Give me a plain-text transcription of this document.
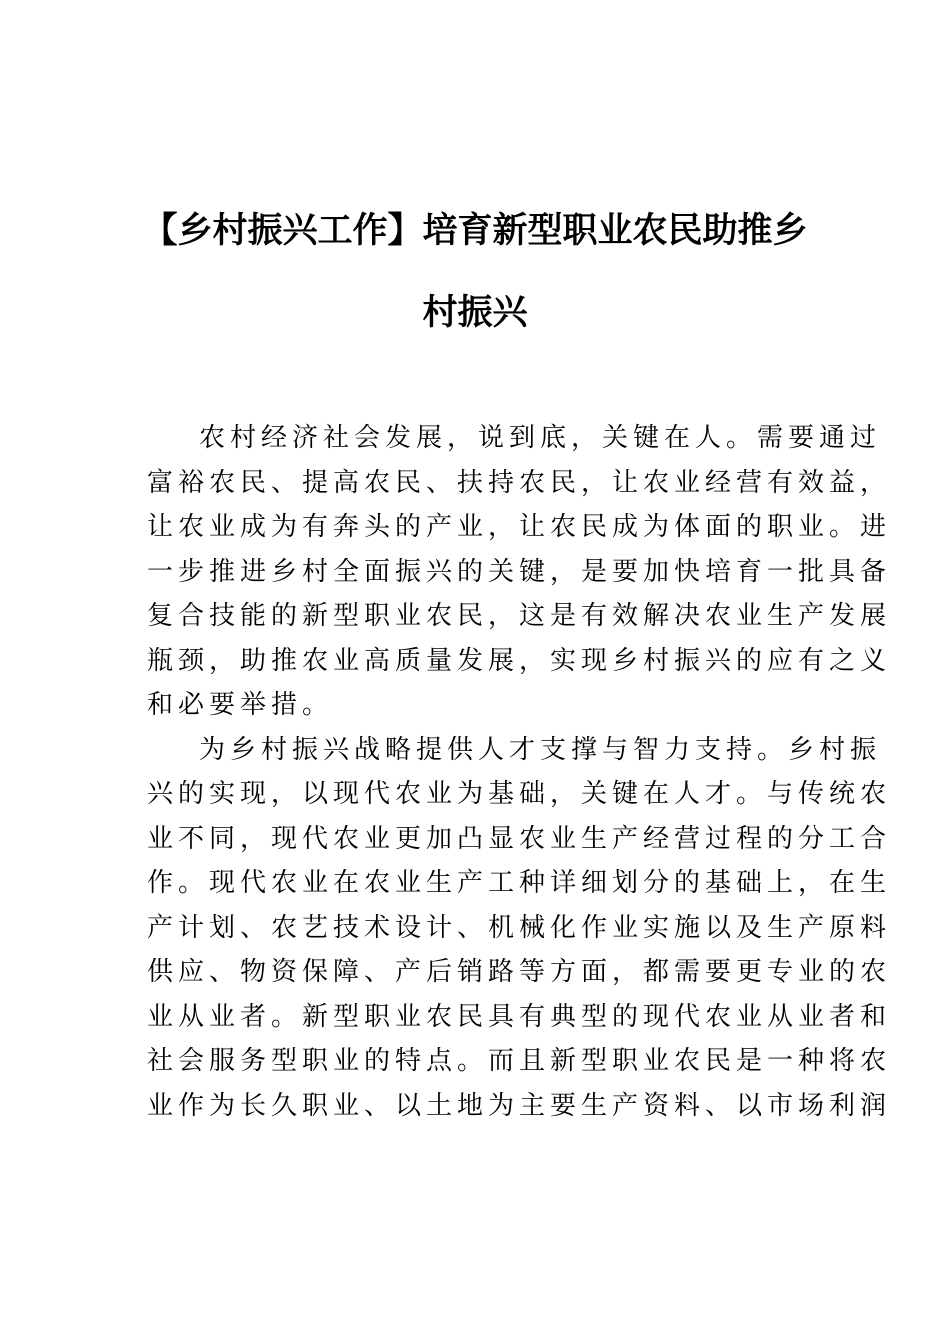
【乡村振兴工作】培育新型职业农民助推乡
村振兴

农村经济社会发展，说到底，关键在人。需要通过
富裕农民、提高农民、扶持农民，让农业经营有效益，
让农业成为有奔头的产业，让农民成为体面的职业。进
一步推进乡村全面振兴的关键，是要加快培育一批具备
复合技能的新型职业农民，这是有效解决农业生产发展
瓶颈，助推农业高质量发展，实现乡村振兴的应有之义
和必要举措。

为乡村振兴战略提供人才支撑与智力支持。乡村振
兴的实现，以现代农业为基础，关键在人才。与传统农
业不同，现代农业更加凸显农业生产经营过程的分工合
作。现代农业在农业生产工种详细划分的基础上，在生
产计划、农艺技术设计、机械化作业实施以及生产原料
供应、物资保障、产后销路等方面，都需要更专业的农
业从业者。新型职业农民具有典型的现代农业从业者和
社会服务型职业的特点。而且新型职业农民是一种将农
业作为长久职业、以土地为主要生产资料、以市场利润
